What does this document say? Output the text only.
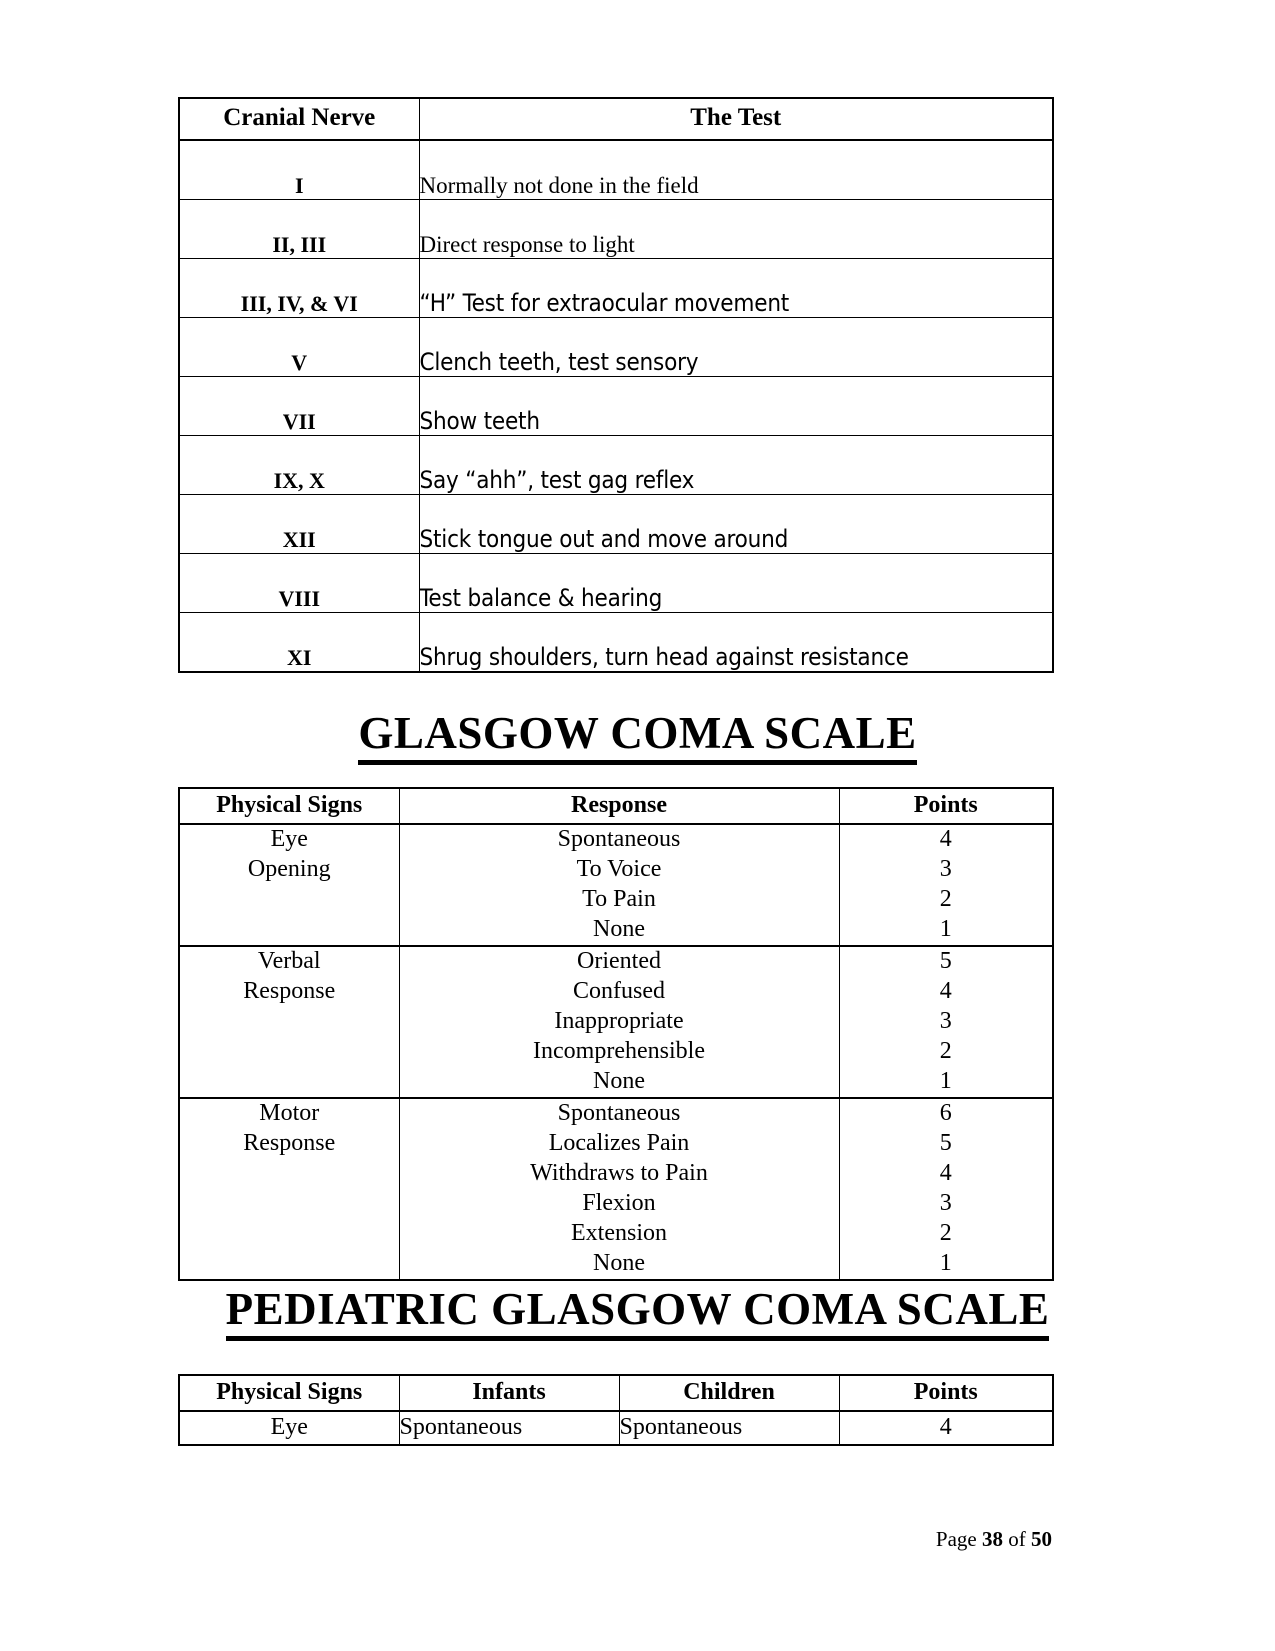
Cranial Nerve	The Test
I	Normally not done in the field
II, III	Direct response to light
III, IV, & VI	“H” Test for extraocular movement
V	Clench teeth, test sensory
VII	Show teeth
IX, X	Say “ahh”, test gag reflex
XII	Stick tongue out and move around
VIII	Test balance & hearing
XI	Shrug shoulders, turn head against resistance
GLASGOW COMA SCALE
Physical Signs	Response	Points
Eye	Spontaneous	4
Opening	To Voice	3
	To Pain	2
	None	1
Verbal	Oriented	5
Response	Confused	4
	Inappropriate	3
	Incomprehensible	2
	None	1
Motor	Spontaneous	6
Response	Localizes Pain	5
	Withdraws to Pain	4
	Flexion	3
	Extension	2
	None	1
PEDIATRIC GLASGOW COMA SCALE
Physical Signs	Infants	Children	Points
Eye	Spontaneous	Spontaneous	4
Page 38 of 50
